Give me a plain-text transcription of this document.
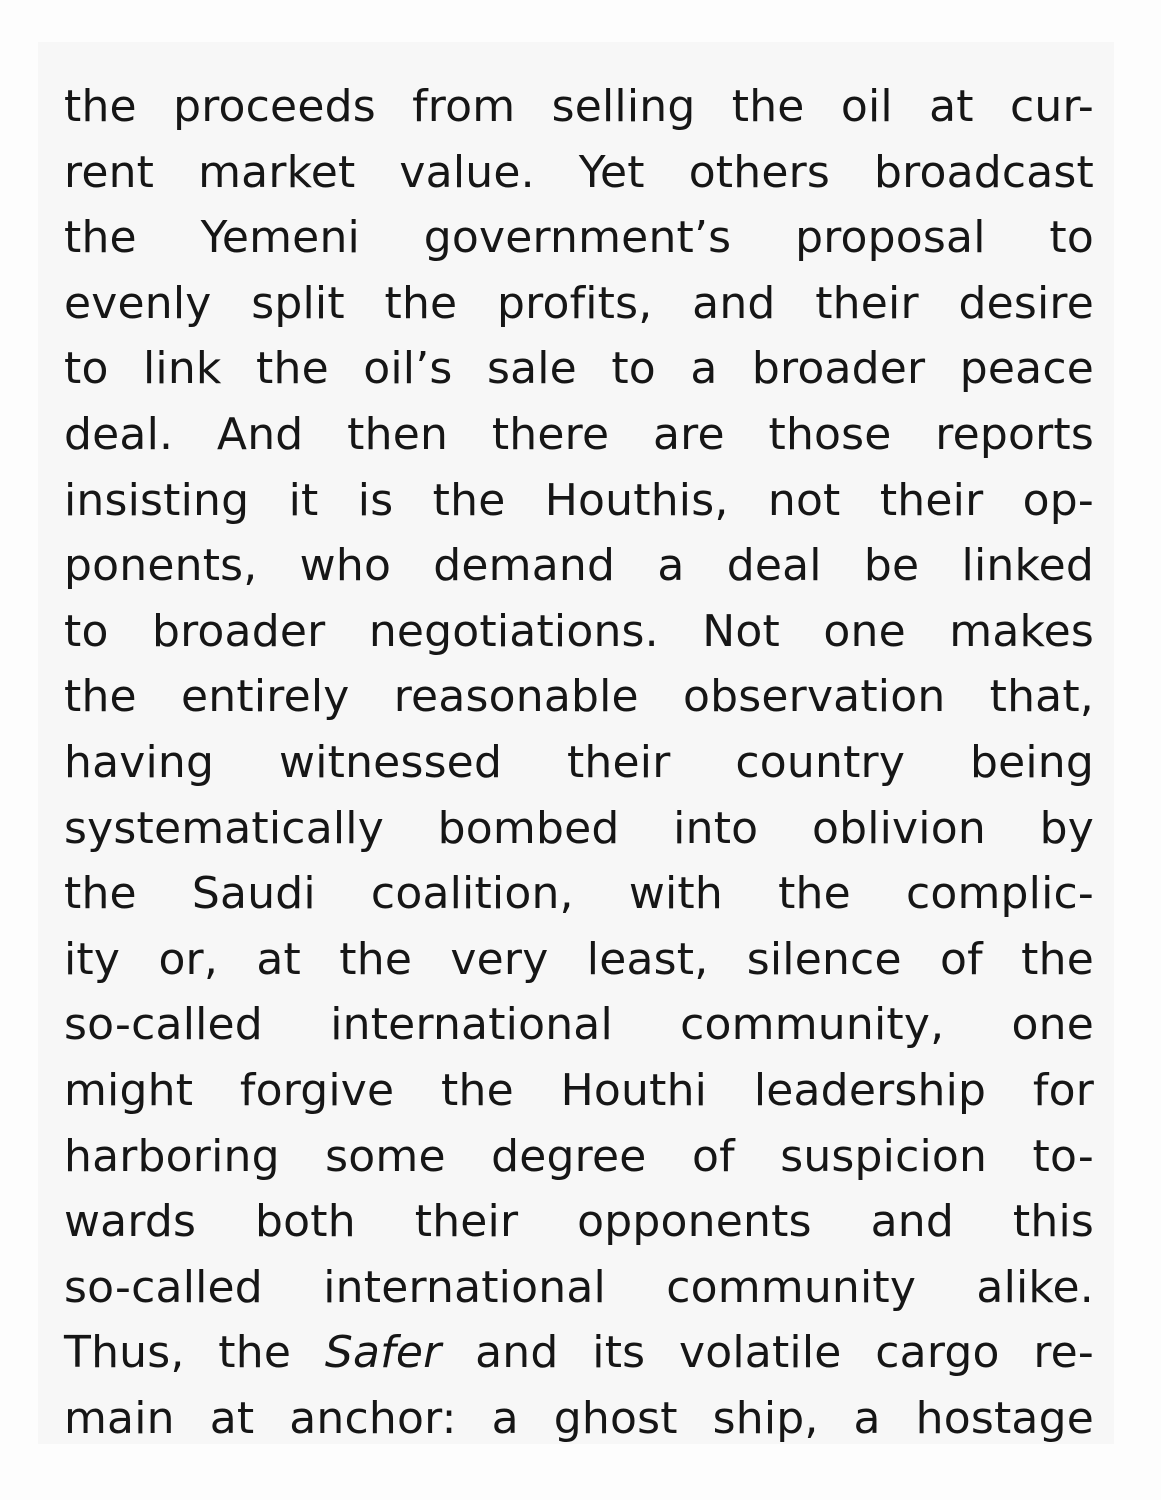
the proceeds from selling the oil at cur-
rent market value. Yet others broadcast
the Yemeni government’s proposal to
evenly split the profits, and their desire
to link the oil’s sale to a broader peace
deal. And then there are those reports
insisting it is the Houthis, not their op-
ponents, who demand a deal be linked
to broader negotiations. Not one makes
the entirely reasonable observation that,
having witnessed their country being
systematically bombed into oblivion by
the Saudi coalition, with the complic-
ity or, at the very least, silence of the
so-called international community, one
might forgive the Houthi leadership for
harboring some degree of suspicion to-
wards both their opponents and this
so-called international community alike.
Thus, the Safer and its volatile cargo re-
main at anchor: a ghost ship, a hostage
